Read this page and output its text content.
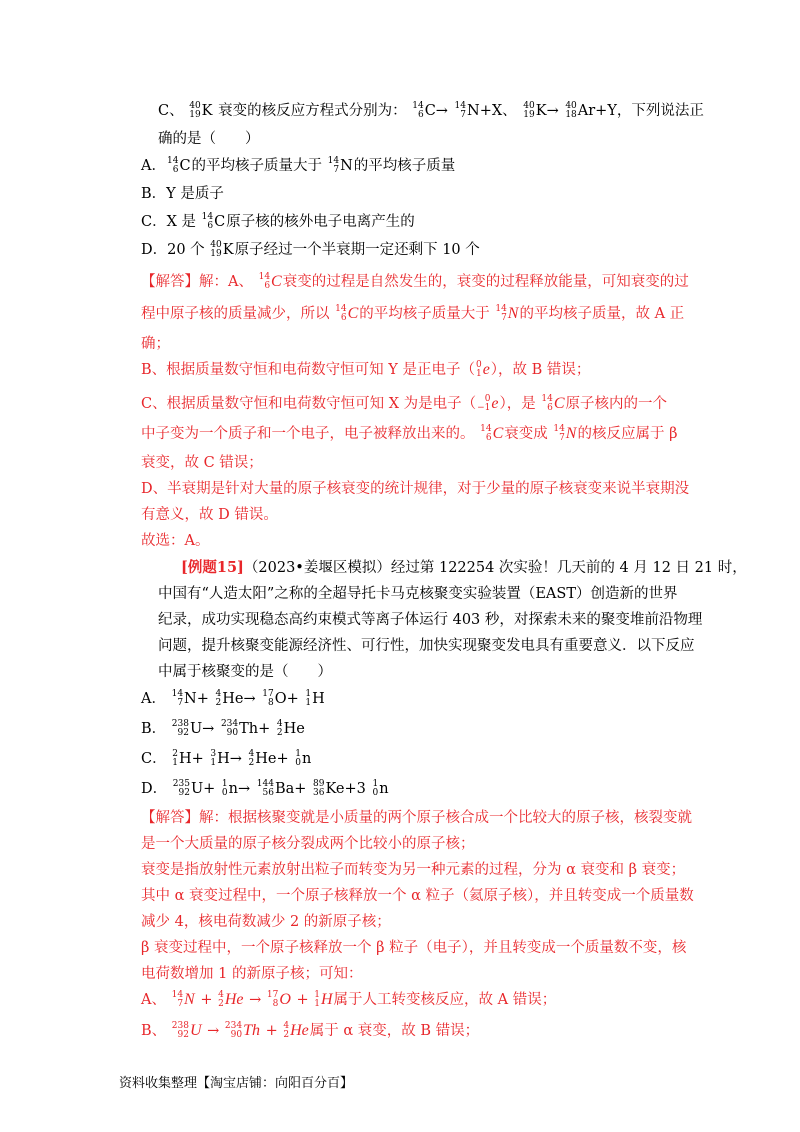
C、 40
19 K 衰变的核反应方程式分别为： 14
6 C→ 14
7 N+X、 40
19 K→ 40
18 Ar+Y，下列说法正
确的是（　　）
A． 14
6 C的平均核子质量大于 14
7 N的平均核子质量
B．Y 是质子
C．X 是 14
6 C原子核的核外电子电离产生的
D．20 个 40
19 K原子经过一个半衰期一定还剩下 10 个
【解答】解：A、 14
6 C衰变的过程是自然发生的，衰变的过程释放能量，可知衰变的过
程中原子核的质量减少，所以 14
6 C的平均核子质量大于 14
7 N的平均核子质量，故 A 正
确；
B、根据质量数守恒和电荷数守恒可知 Y 是正电子（ 0
1 e），故 B 错误；
C、根据质量数守恒和电荷数守恒可知 X 为是电子（ 0
−1 e），是 14
6 C原子核内的一个
中子变为一个质子和一个电子，电子被释放出来的。 14
6 C衰变成 14
7 N的核反应属于 β
衰变，故 C 错误；
D、半衰期是针对大量的原子核衰变的统计规律，对于少量的原子核衰变来说半衰期没
有意义，故 D 错误。
故选：A。
[例题15]（2023•姜堰区模拟）经过第 122254 次实验！几天前的 4 月 12 日 21 时，
中国有“人造太阳”之称的全超导托卡马克核聚变实验装置（EAST）创造新的世界
纪录，成功实现稳态高约束模式等离子体运行 403 秒，对探索未来的聚变堆前沿物理
问题，提升核聚变能源经济性、可行性，加快实现聚变发电具有重要意义．以下反应
中属于核聚变的是（　　）
A． 14
7 N+ 4
2 He→ 17
8 O+ 1
1 H
B． 238
92 U→ 234
90 Th+ 4
2 He
C． 2
1 H+ 3
1 H→ 4
2 He+ 1
0 n
D． 235
92 U+ 1
0 n→ 144
56 Ba+ 89
36 Ke+3 1
0 n
【解答】解：根据核聚变就是小质量的两个原子核合成一个比较大的原子核，核裂变就
是一个大质量的原子核分裂成两个比较小的原子核；
衰变是指放射性元素放射出粒子而转变为另一种元素的过程，分为 α 衰变和 β 衰变；
其中 α 衰变过程中，一个原子核释放一个 α 粒子（氦原子核），并且转变成一个质量数
减少 4，核电荷数减少 2 的新原子核；
β 衰变过程中，一个原子核释放一个 β 粒子（电子），并且转变成一个质量数不变，核
电荷数增加 1 的新原子核；可知：
A、 14
7 N + 4
2 He → 17
8 O + 1
1 H属于人工转变核反应，故 A 错误；
B、 238
92 U → 234
90 Th + 4
2 He属于 α 衰变，故 B 错误；
资料收集整理【淘宝店铺：向阳百分百】
